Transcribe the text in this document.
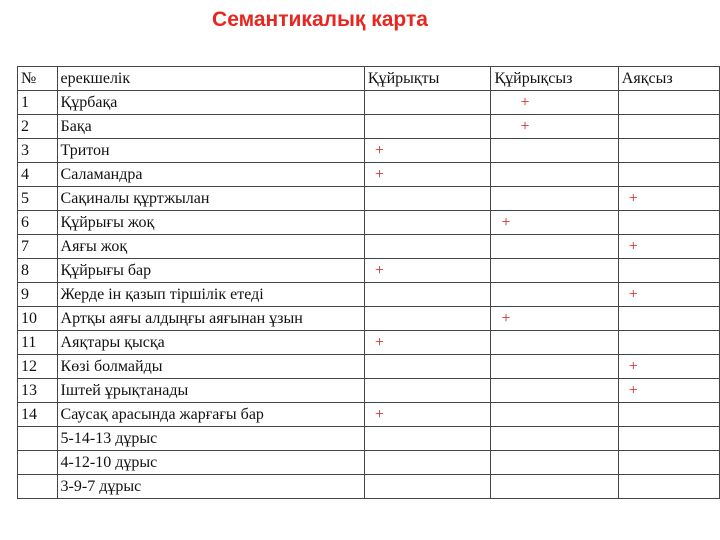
Семантикалық карта
№	ерекшелік	Құйрықты	Құйрықсыз	Аяқсыз
1	Құрбақа		+	
2	Бақа		+	
3	Тритон	+		
4	Саламандра	+		
5	Сақиналы құртжылан			+
6	Құйрығы жоқ		+	
7	Аяғы жоқ			+
8	Құйрығы бар	+		
9	Жерде ін қазып тіршілік етеді			+
10	Артқы аяғы алдыңғы аяғынан ұзын		+	
11	Аяқтары қысқа	+		
12	Көзі болмайды			+
13	Іштей ұрықтанады			+
14	Саусақ арасында жарғағы бар	+		
	5-14-13 дұрыс			
	4-12-10 дұрыс			
	3-9-7 дұрыс			
